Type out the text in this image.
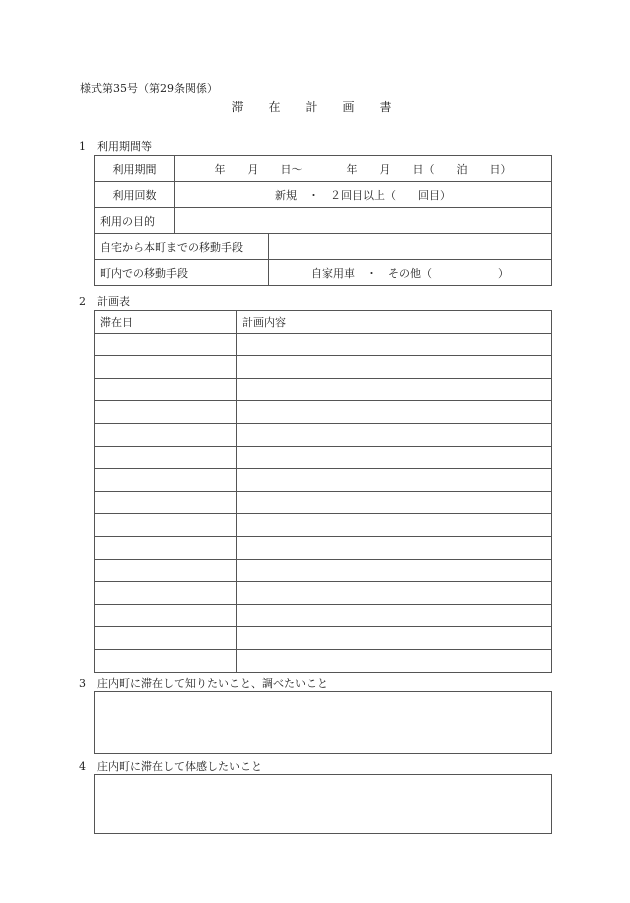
様式第35号（第29条関係）
滞在計画書
1　利用期間等
利用期間	年　　月　　日〜　　　　年　　月　　日（　　泊　　日）	
利用回数	新規　・　２回目以上（　　回目）	
利用の目的		
自宅から本町までの移動手段		
町内での移動手段		自家用車　・　その他（　　　　　　）
2　計画表
滞在日	計画内容

3　庄内町に滞在して知りたいこと、調べたいこと
4　庄内町に滞在して体感したいこと
